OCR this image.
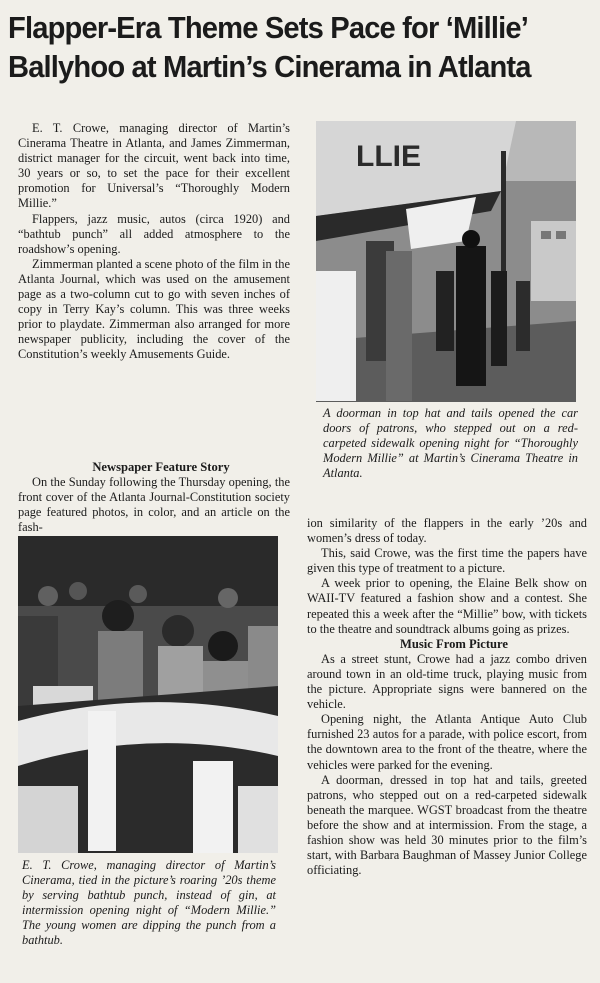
Flapper-Era Theme Sets Pace for ‘Millie’
Ballyhoo at Martin’s Cinerama in Atlanta

E. T. Crowe, managing director of Martin’s Cinerama Theatre in Atlanta, and James Zimmerman, district manager for the circuit, went back into time, 30 years or so, to set the pace for their excellent promotion for Universal’s “Thoroughly Modern Millie.”

Flappers, jazz music, autos (circa 1920) and “bathtub punch” all added atmosphere to the roadshow’s opening.

Zimmerman planted a scene photo of the film in the Atlanta Journal, which was used on the amusement page as a two-column cut to go with seven inches of copy in Terry Kay’s column. This was three weeks prior to playdate. Zimmerman also arranged for more newspaper publicity, including the cover of the Constitution’s weekly Amusements Guide.

Newspaper Feature Story

On the Sunday following the Thursday opening, the front cover of the Atlanta Journal-Constitution society page featured photos, in color, and an article on the fash-

LLIE
A doorman in top hat and tails opened the car doors of patrons, who stepped out on a red-carpeted sidewalk opening night for “Thoroughly Modern Millie” at Martin’s Cinerama Theatre in Atlanta.
E. T. Crowe, managing director of Martin’s Cinerama, tied in the picture’s roaring ’20s theme by serving bathtub punch, instead of gin, at intermission opening night of “Modern Millie.” The young women are dipping the punch from a bathtub.

ion similarity of the flappers in the early ’20s and women’s dress of today.

This, said Crowe, was the first time the papers have given this type of treatment to a picture.

A week prior to opening, the Elaine Belk show on WAII-TV featured a fashion show and a contest. She repeated this a week after the “Millie” bow, with tickets to the theatre and soundtrack albums going as prizes.

Music From Picture

As a street stunt, Crowe had a jazz combo driven around town in an old-time truck, playing music from the picture. Appropriate signs were bannered on the vehicle.

Opening night, the Atlanta Antique Auto Club furnished 23 autos for a parade, with police escort, from the downtown area to the front of the theatre, where the vehicles were parked for the evening.

A doorman, dressed in top hat and tails, greeted patrons, who stepped out on a red-carpeted sidewalk beneath the marquee. WGST broadcast from the theatre before the show and at intermission. From the stage, a fashion show was held 30 minutes prior to the film’s start, with Barbara Baughman of Massey Junior College officiating.
